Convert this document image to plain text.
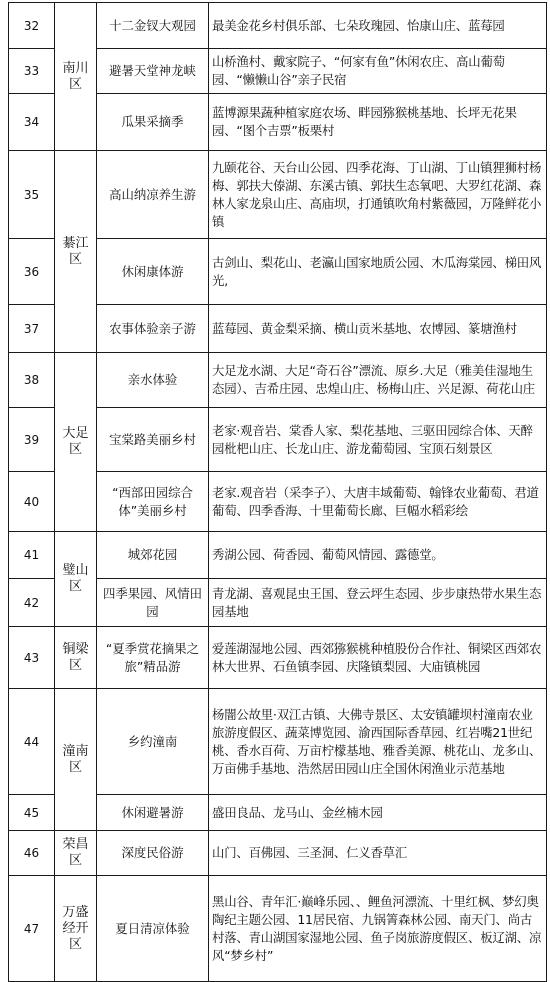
32	南川区	十二金钗大观园	最美金花乡村俱乐部、七朵玫瑰园、怡康山庄、蓝莓园
33		避暑天堂神龙峡	山桥渔村、戴家院子、“何家有鱼”休闲农庄、高山葡萄园、“懒懒山谷”亲子民宿
34		瓜果采摘季	蓝博源果蔬种植家庭农场、畔园猕猴桃基地、长坪无花果园、“图个吉票”板栗村
35	綦江区	高山纳凉养生游	九颐花谷、天台山公园、四季花海、丁山湖、丁山镇狸狮村杨梅、郭扶大傣湖、东溪古镇、郭扶生态氧吧、大罗红花湖、森林人家龙泉山庄、高庙坝，打通镇吹角村紫薇园，万隆鲜花小镇
36		休闲康体游	古剑山、梨花山、老瀛山国家地质公园、木瓜海棠园、梯田风光,
37		农事体验亲子游	蓝莓园、黄金梨采摘、横山贡米基地、农博园、篆塘渔村
38	大足区	亲水体验	大足龙水湖、大足“奇石谷”漂流、原乡.大足（雅美佳湿地生态园）、吉希庄园、忠煌山庄、杨梅山庄、兴足源、荷花山庄
39		宝棠路美丽乡村	老家·观音岩、棠香人家、梨花基地、三驱田园综合体、天醉园枇杷山庄、长龙山庄、游龙葡萄园、宝顶石刻景区
40		“西部田园综合体”美丽乡村	老家.观音岩（采李子）、大唐丰域葡萄、翰锋农业葡萄、君道葡萄、四季香海、十里葡萄长廊、巨幅水稻彩绘
41	璧山区	城郊花园	秀湖公园、荷香园、葡萄风情园、露德堂。
42		四季果园、风情田园	青龙湖、喜观昆虫王国、登云坪生态园、步步康热带水果生态园基地
43	铜梁区	“夏季赏花摘果之旅”精品游	爱莲湖湿地公园、西郊猕猴桃种植股份合作社、铜梁区西郊农林大世界、石鱼镇李园、庆隆镇梨园、大庙镇桃园
44	潼南区	乡约潼南	杨闇公故里·双江古镇、大佛寺景区、太安镇罐坝村潼南农业旅游度假区、蔬菜博览园、渝西国际香草园、红岩嘴21世纪桃、香水百荷、万亩柠檬基地、雅香美源、桃花山、龙多山、万亩佛手基地、浩然居田园山庄全国休闲渔业示范基地
45		休闲避暑游	盛田良品、龙马山、金丝楠木园
46	荣昌区	深度民俗游	山门、百佛园、三圣洞、仁义香草汇
47	万盛经开区	夏日清凉体验	黑山谷、青年汇·巅峰乐园、、鲤鱼河漂流、十里红枫、梦幻奥陶纪主题公园、11居民宿、九锅箐森林公园、南天门、尚古村落、青山湖国家湿地公园、鱼子岗旅游度假区、板辽湖、凉风“梦乡村”
